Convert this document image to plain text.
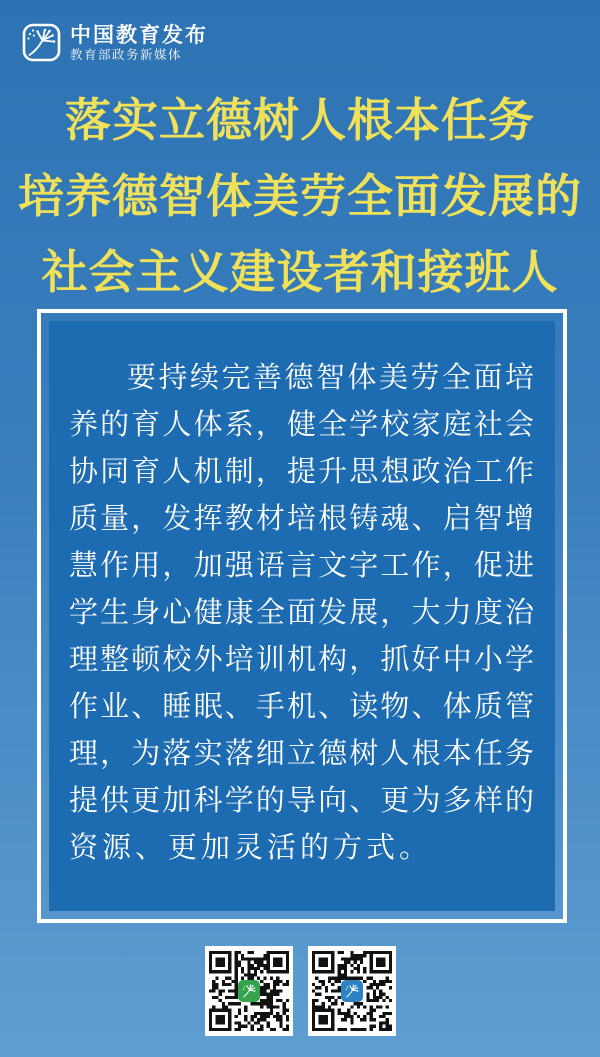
中国教育发布
教育部政务新媒体
落实立德树人根本任务
培养德智体美劳全面发展的
社会主义建设者和接班人
要持续完善德智体美劳全面培
养的育人体系，健全学校家庭社会
协同育人机制，提升思想政治工作
质量，发挥教材培根铸魂、启智增
慧作用，加强语言文字工作，促进
学生身心健康全面发展，大力度治
理整顿校外培训机构，抓好中小学
作业、睡眠、手机、读物、体质管
理，为落实落细立德树人根本任务
提供更加科学的导向、更为多样的
资源、更加灵活的方式。
